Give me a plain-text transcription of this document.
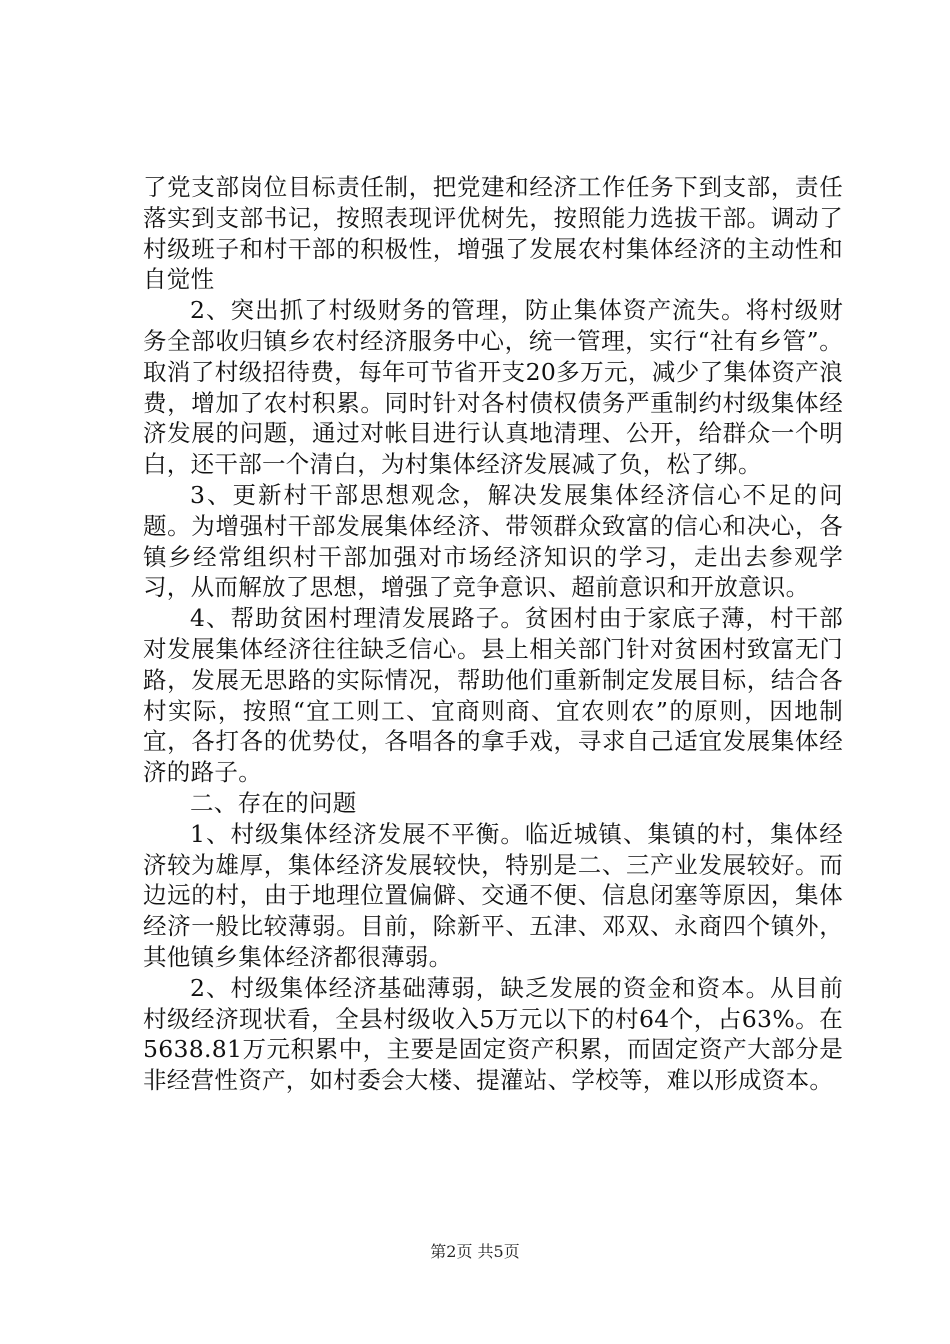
了党支部岗位目标责任制，把党建和经济工作任务下到支部，责任落实到支部书记，按照表现评优树先，按照能力选拔干部。调动了村级班子和村干部的积极性，增强了发展农村集体经济的主动性和自觉性

2、突出抓了村级财务的管理，防止集体资产流失。将村级财务全部收归镇乡农村经济服务中心，统一管理，实行“社有乡管”。取消了村级招待费，每年可节省开支20多万元，减少了集体资产浪费，增加了农村积累。同时针对各村债权债务严重制约村级集体经济发展的问题，通过对帐目进行认真地清理、公开，给群众一个明白，还干部一个清白，为村集体经济发展减了负，松了绑。

3、更新村干部思想观念，解决发展集体经济信心不足的问题。为增强村干部发展集体经济、带领群众致富的信心和决心，各镇乡经常组织村干部加强对市场经济知识的学习，走出去参观学习，从而解放了思想，增强了竞争意识、超前意识和开放意识。

4、帮助贫困村理清发展路子。贫困村由于家底子薄，村干部对发展集体经济往往缺乏信心。县上相关部门针对贫困村致富无门路，发展无思路的实际情况，帮助他们重新制定发展目标，结合各村实际，按照“宜工则工、宜商则商、宜农则农”的原则，因地制宜，各打各的优势仗，各唱各的拿手戏，寻求自己适宜发展集体经济的路子。

二、存在的问题

1、村级集体经济发展不平衡。临近城镇、集镇的村，集体经济较为雄厚，集体经济发展较快，特别是二、三产业发展较好。而边远的村，由于地理位置偏僻、交通不便、信息闭塞等原因，集体经济一般比较薄弱。目前，除新平、五津、邓双、永商四个镇外，其他镇乡集体经济都很薄弱。

2、村级集体经济基础薄弱，缺乏发展的资金和资本。从目前村级经济现状看，全县村级收入5万元以下的村64个，占63%。在5638.81万元积累中，主要是固定资产积累，而固定资产大部分是非经营性资产，如村委会大楼、提灌站、学校等，难以形成资本。

第2页 共5页
